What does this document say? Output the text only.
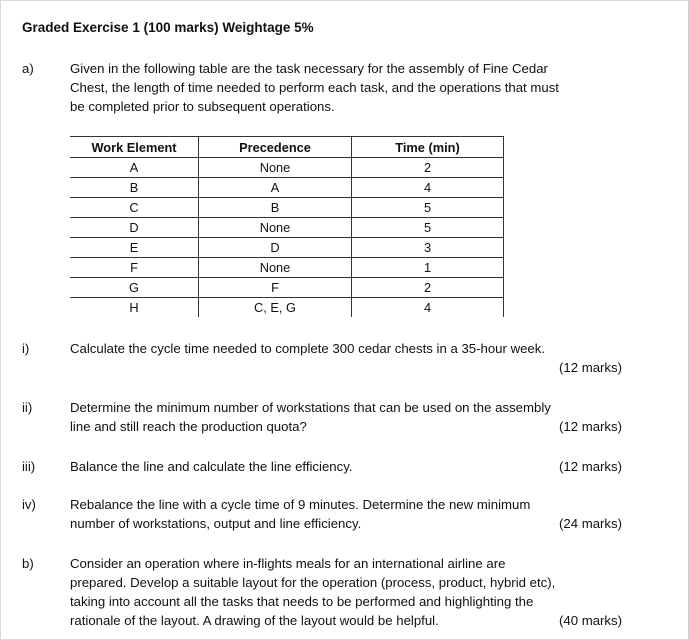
Graded Exercise 1 (100 marks) Weightage 5%
a)	Given in the following table are the task necessary for the assembly of Fine Cedar
Chest, the length of time needed to perform each task, and the operations that must
be completed prior to subsequent operations.
Work Element	Precedence	Time (min)
A	None	2
B	A	4
C	B	5
D	None	5
E	D	3
F	None	1
G	F	2
H	C, E, G	4
i)	Calculate the cycle time needed to complete 300 cedar chests in a 35-hour week.
(12 marks)
ii)	Determine the minimum number of workstations that can be used on the assembly
line and still reach the production quota?	(12 marks)
iii)	Balance the line and calculate the line efficiency.	(12 marks)
iv)	Rebalance the line with a cycle time of 9 minutes. Determine the new minimum
number of workstations, output and line efficiency.	(24 marks)
b)	Consider an operation where in-flights meals for an international airline are
prepared. Develop a suitable layout for the operation (process, product, hybrid etc),
taking into account all the tasks that needs to be performed and highlighting the
rationale of the layout. A drawing of the layout would be helpful.	(40 marks)
